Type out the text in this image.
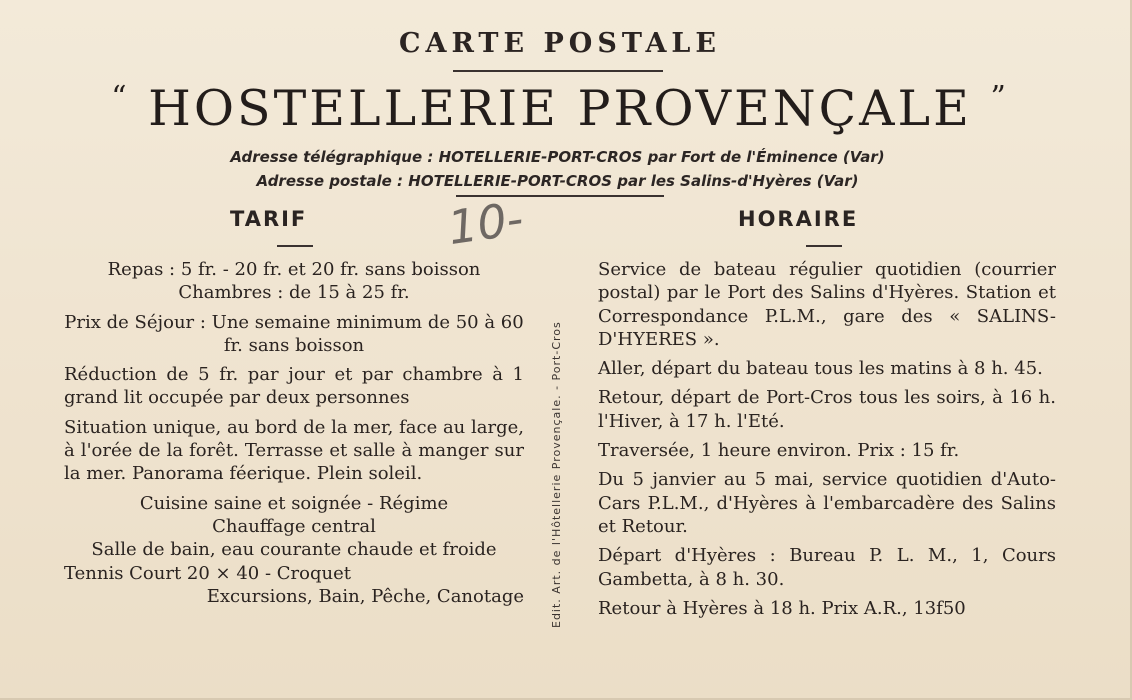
CARTE POSTALE
“ HOSTELLERIE PROVENÇALE ”
Adresse télégraphique : HOTELLERIE-PORT-CROS par Fort de l'Éminence (Var)
Adresse postale : HOTELLERIE-PORT-CROS par les Salins-d'Hyères (Var)
10-
TARIF	HORAIRE

Repas : 5 fr. - 20 fr. et 20 fr. sans boisson
Chambres : de 15 à 25 fr.

Prix de Séjour : Une semaine minimum de 50 à 60 fr. sans boisson

Réduction de 5 fr. par jour et par chambre à 1 grand lit occupée par deux personnes

Situation unique, au bord de la mer, face au large, à l'orée de la forêt. Terrasse et salle à manger sur la mer. Panorama féerique. Plein soleil.

Cuisine saine et soignée - Régime
Chauffage central

Salle de bain, eau courante chaude et froide

Tennis Court 20 × 40 - Croquet
Excursions, Bain, Pêche, Canotage Edit. Art. de l'Hôtellerie Provençale. - Port-Cros

Service de bateau régulier quotidien (courrier postal) par le Port des Salins d'Hyères. Station et Correspondance P.L.M., gare des « SALINS-D'HYERES ».

Aller, départ du bateau tous les matins à 8 h. 45.

Retour, départ de Port-Cros tous les soirs, à 16 h. l'Hiver, à 17 h. l'Eté.

Traversée, 1 heure environ. Prix : 15 fr.

Du 5 janvier au 5 mai, service quotidien d'Auto-Cars P.L.M., d'Hyères à l'embarcadère des Salins et Retour.

Départ d'Hyères : Bureau P. L. M., 1, Cours Gambetta, à 8 h. 30.

Retour à Hyères à 18 h. Prix A.R., 13f50
